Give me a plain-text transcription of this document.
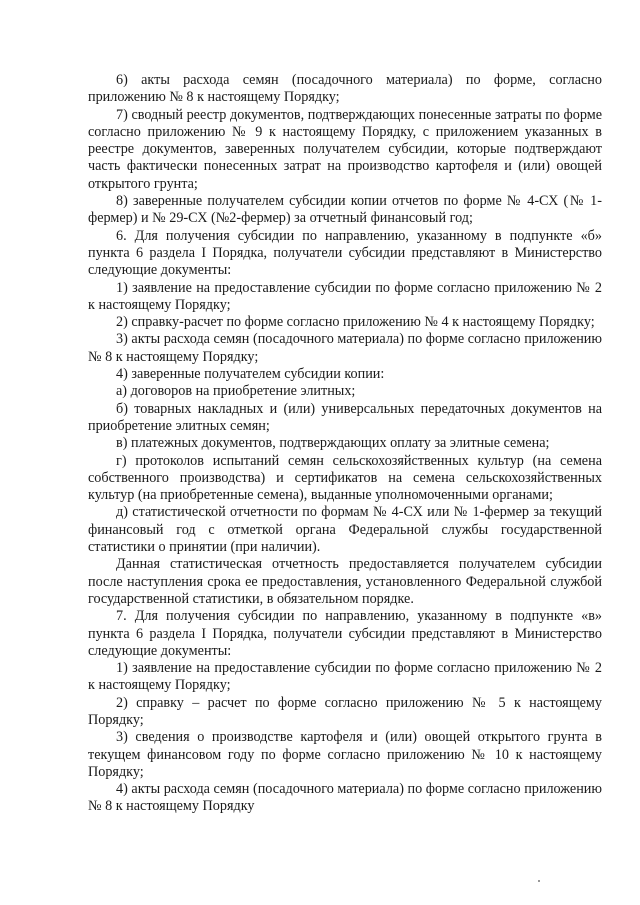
6) акты расхода семян (посадочного материала) по форме, согласно приложению № 8 к настоящему Порядку;

7) сводный реестр документов, подтверждающих понесенные затраты по форме согласно приложению № 9 к настоящему Порядку, с приложением указанных в реестре документов, заверенных получателем субсидии, которые подтверждают часть фактически понесенных затрат на производство картофеля и (или) овощей открытого грунта;

8) заверенные получателем субсидии копии отчетов по форме № 4-СХ (№ 1-фермер) и № 29-СХ (№2-фермер) за отчетный финансовый год;

6. Для получения субсидии по направлению, указанному в подпункте «б» пункта 6 раздела I Порядка, получатели субсидии представляют в Министерство следующие документы:

1) заявление на предоставление субсидии по форме согласно приложению № 2 к настоящему Порядку;

2) справку-расчет по форме согласно приложению № 4 к настоящему Порядку;

3) акты расхода семян (посадочного материала) по форме согласно приложению № 8 к настоящему Порядку;

4) заверенные получателем субсидии копии:

а) договоров на приобретение элитных;

б) товарных накладных и (или) универсальных передаточных документов на приобретение элитных семян;

в) платежных документов, подтверждающих оплату за элитные семена;

г) протоколов испытаний семян сельскохозяйственных культур (на семена собственного производства) и сертификатов на семена сельскохозяйственных культур (на приобретенные семена), выданные уполномоченными органами;

д) статистической отчетности по формам № 4-СХ или № 1-фермер за текущий финансовый год с отметкой органа Федеральной службы государственной статистики о принятии (при наличии).

Данная статистическая отчетность предоставляется получателем субсидии после наступления срока ее предоставления, установленного Федеральной службой государственной статистики, в обязательном порядке.

7. Для получения субсидии по направлению, указанному в подпункте «в» пункта 6 раздела I Порядка, получатели субсидии представляют в Министерство следующие документы:

1) заявление на предоставление субсидии по форме согласно приложению № 2 к настоящему Порядку;

2) справку – расчет по форме согласно приложению № 5 к настоящему Порядку;

3) сведения о производстве картофеля и (или) овощей открытого грунта в текущем финансовом году по форме согласно приложению № 10 к настоящему Порядку;

4) акты расхода семян (посадочного материала) по форме согласно приложению № 8 к настоящему Порядку
